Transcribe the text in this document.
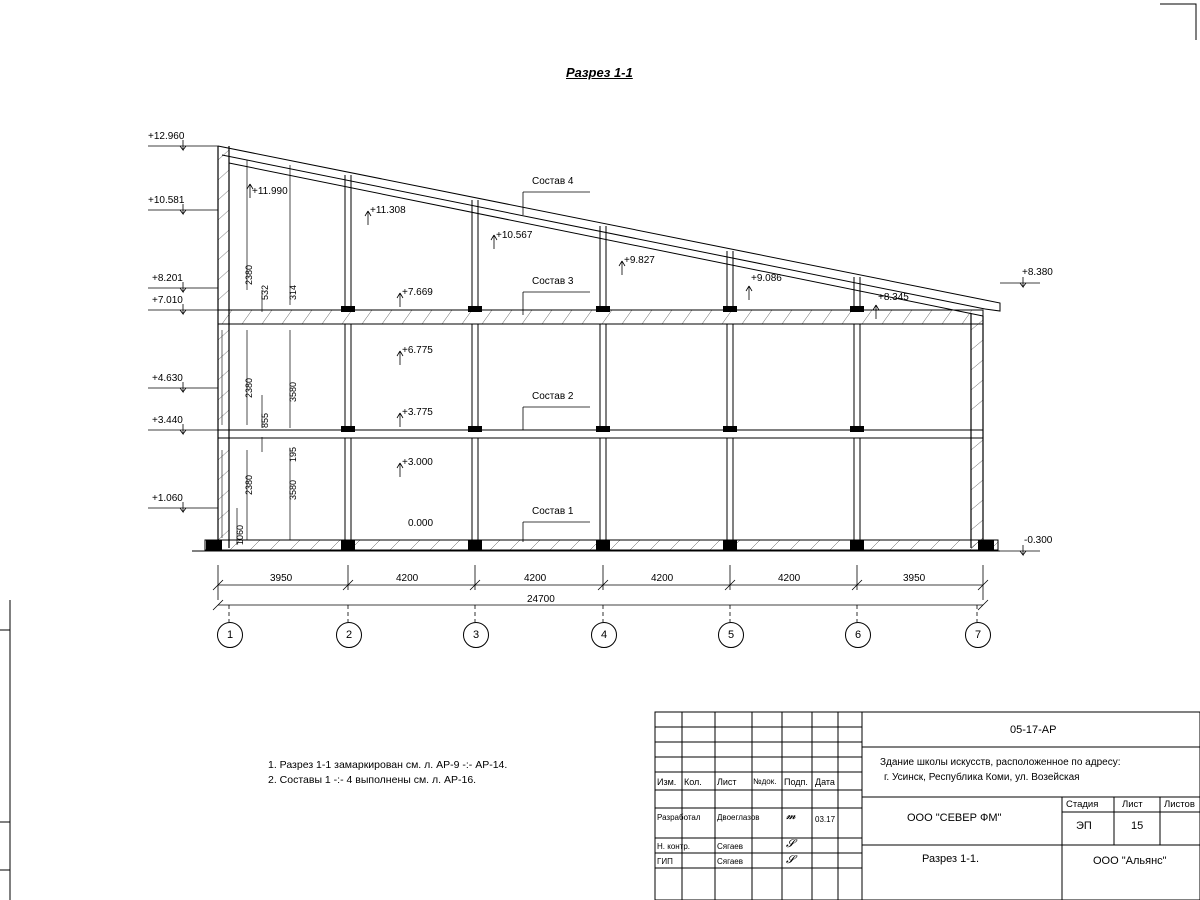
Разрез 1-1
+12.960
+10.581
+8.201
+7.010
+4.630
+3.440
+1.060
+8.380
-0.300
+11.990
+11.308
+10.567
+9.827
+9.086
+8.345
+7.669
+6.775
+3.775
+3.000
0.000
Состав 4
Состав 3
Состав 2
Состав 1
2380
532 314
3580
2380
855
195
2380	3580
1060
3950	4200	4200	4200	4200	3950
24700
1	2	3	4	5	6	7
1. Разрез 1-1 замаркирован см. л. АР-9 -:- АР-14.
2. Составы 1 -:- 4 выполнены см. л. АР-16.
05-17-АР
Здание школы искусств, расположенное по адресу:
г. Усинск, Республика Коми, ул. Возейская
Изм. Кол. Лист №док. Подп. Дата
Разработал Двоеглазов 𝓶 03.17
Н. контр.	Сягаев	𝓢
ГИП	Сягаев	𝓢
ООО "СЕВЕР ФМ"
Разрез 1-1.
Стадия Лист Листов
ЭП	15
ООО "Альянс"
